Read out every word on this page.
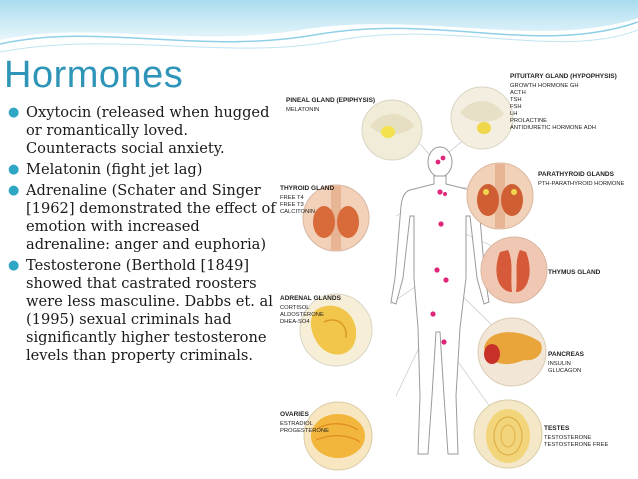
Hormones
● Oxytocin (released when hugged or romantically loved. Counteracts social anxiety.
● Melatonin (fight jet lag)
● Adrenaline (Schater and Singer [1962] demonstrated the effect of emotion with increased adrenaline: anger and euphoria)
● Testosterone (Berthold [1849] showed that castrated roosters were less masculine. Dabbs et. al (1995) sexual criminals had significantly higher testosterone levels than property criminals.
PITUITARY GLAND (HYPOPHYSIS)
GROWTH HORMONE GH
ACTH
TSH
FSH
LH
PROLACTINE
ANTIDIURETIC HORMONE ADH
PINEAL GLAND (EPIPHYSIS)
MELATONIN
THYROID GLAND
FREE T4
FREE T3
CALCITONIN
PARATHYROID GLANDS
PTH-PARATHYROID HORMONE
THYMUS GLAND
ADRENAL GLANDS
CORTISOL
ALDOSTERONE
DHEA-SO4
PANCREAS
INSULIN
GLUCAGON
OVARIES
ESTRADIOL
PROGESTERONE	TESTES
TESTOSTERONE
TESTOSTERONE FREE
